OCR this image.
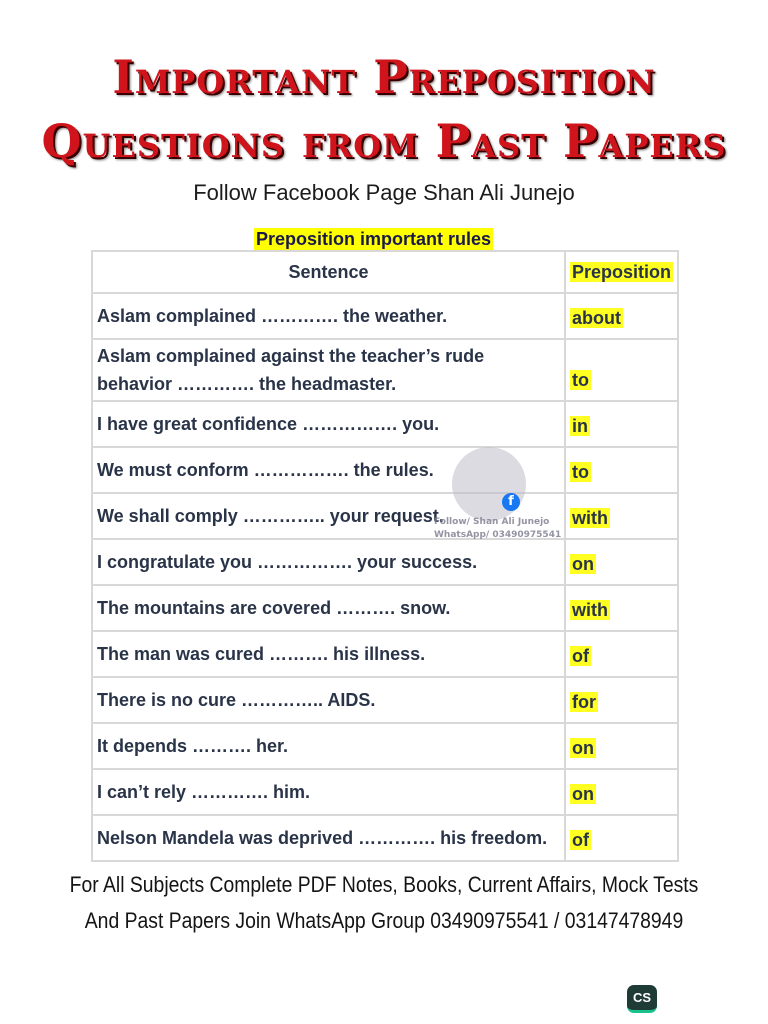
Important Preposition
Questions from Past Papers
Follow Facebook Page Shan Ali Junejo
Preposition important rules
Sentence	Preposition
Aslam complained …………. the weather.	about
Aslam complained against the teacher’s rude behavior …………. the headmaster.	to
I have great confidence ……………. you.	in
We must conform ……………. the rules.	to
We shall comply ………….. your request.	with
I congratulate you ……………. your success.	on
The mountains are covered ………. snow.	with
The man was cured ………. his illness.	of
There is no cure ………….. AIDS.	for
It depends ………. her.	on
I can’t rely …………. him.	on
Nelson Mandela was deprived …………. his freedom.	of
f
Follow/ Shan Ali Junejo
WhatsApp/ 03490975541
For All Subjects Complete PDF Notes, Books, Current Affairs, Mock Tests
And Past Papers Join WhatsApp Group 03490975541 / 03147478949
CS
